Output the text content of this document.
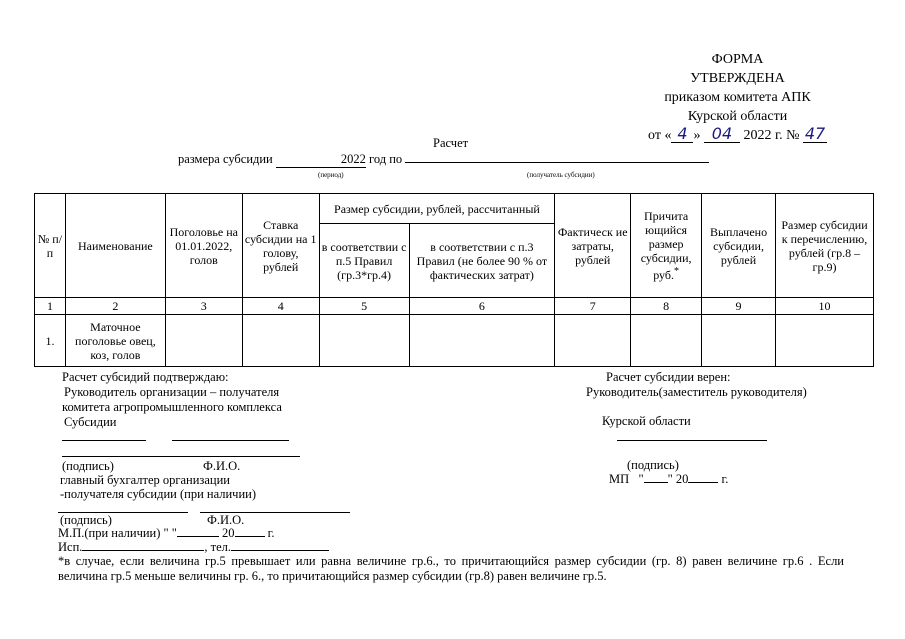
ФОРМА
УТВЕРЖДЕНА
приказом комитета АПК
Курской области
от « 4 » 04 2022 г. № 47
Расчет
размера субсидии	2022 год по
(период)	(получатель субсидии)
№ п/п	Наименование	Поголовье на 01.01.2022, голов	Ставка субсидии на 1 голову, рублей	Размер субсидии, рублей, рассчитанный		Фактическ ие затраты, рублей	Причита ющийся размер субсидии, руб.*	Выплачено субсидии, рублей	Размер субсидии к перечислению, рублей (гр.8 – гр.9)
				в соответствии с п.5 Правил (гр.3*гр.4)	в соответствии с п.3 Правил (не более 90 % от фактических затрат)				
1	2	3	4	5	6	7	8	9	10
1.	Маточное поголовье овец, коз, голов								
Расчет субсидий подтверждаю:
Руководитель организации – получателя
комитета агропромышленного комплекса
Субсидии
(подпись)	Ф.И.О.
главный бухгалтер организации
-получателя субсидии (при наличии)
(подпись)	Ф.И.О.
М.П.(при наличии) " "	20	г.
Исп.	, тел.
Расчет субсидии верен:
Руководитель(заместитель руководителя)
Курской области
(подпись)
МП " " 20	г.
*в случае, если величина гр.5 превышает или равна величине гр.6., то причитающийся размер субсидии (гр. 8) равен величине гр.6 . Если величина гр.5 меньше величины гр. 6., то причитающийся размер субсидии (гр.8) равен величине гр.5.
